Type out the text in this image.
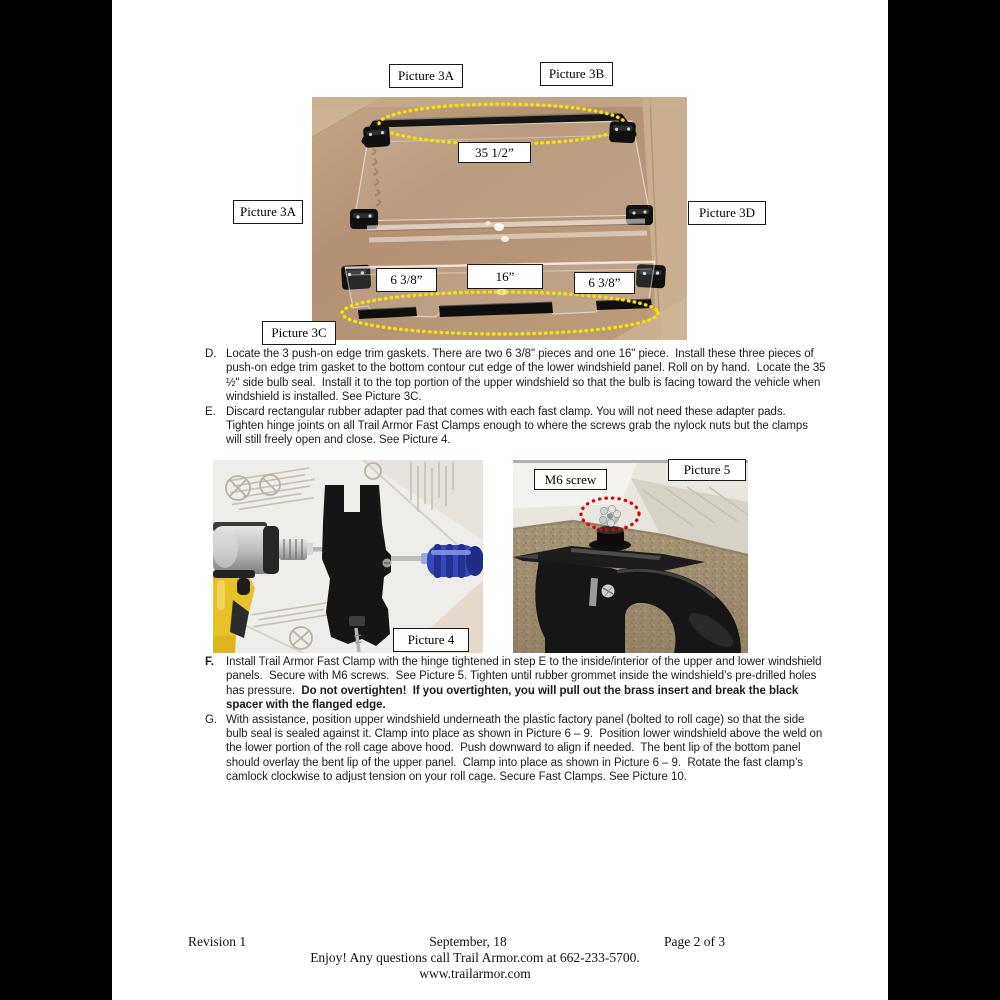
Picture 3A	Picture 3B
Picture 3A	Picture 3D
Picture 3C
35 1/2”
6 3/8”	16”	6 3/8”
Picture 4
M6 screw
Picture 5
D. Locate the 3 push-on edge trim gaskets. There are two 6 3/8" pieces and one 16" piece.  Install these three pieces of push-on edge trim gasket to the bottom contour cut edge of the lower windshield panel. Roll on by hand.  Locate the 35 ½" side bulb seal.  Install it to the top portion of the upper windshield so that the bulb is facing toward the vehicle when windshield is installed. See Picture 3C.
E. Discard rectangular rubber adapter pad that comes with each fast clamp. You will not need these adapter pads. Tighten hinge joints on all Trail Armor Fast Clamps enough to where the screws grab the nylock nuts but the clamps will still freely open and close. See Picture 4.
F. Install Trail Armor Fast Clamp with the hinge tightened in step E to the inside/interior of the upper and lower windshield panels.  Secure with M6 screws.  See Picture 5. Tighten until rubber grommet inside the windshield’s pre-drilled holes has pressure.  Do not overtighten!  If you overtighten, you will pull out the brass insert and break the black spacer with the flanged edge.
G. With assistance, position upper windshield underneath the plastic factory panel (bolted to roll cage) so that the side bulb seal is sealed against it. Clamp into place as shown in Picture 6 – 9.  Position lower windshield above the weld on the lower portion of the roll cage above hood.  Push downward to align if needed.  The bent lip of the bottom panel should overlay the bent lip of the upper panel.  Clamp into place as shown in Picture 6 – 9.  Rotate the fast clamp’s camlock clockwise to adjust tension on your roll cage. Secure Fast Clamps. See Picture 10.
Revision 1	September, 18	Page 2 of 3
Enjoy! Any questions call Trail Armor.com at 662-233-5700.
www.trailarmor.com
